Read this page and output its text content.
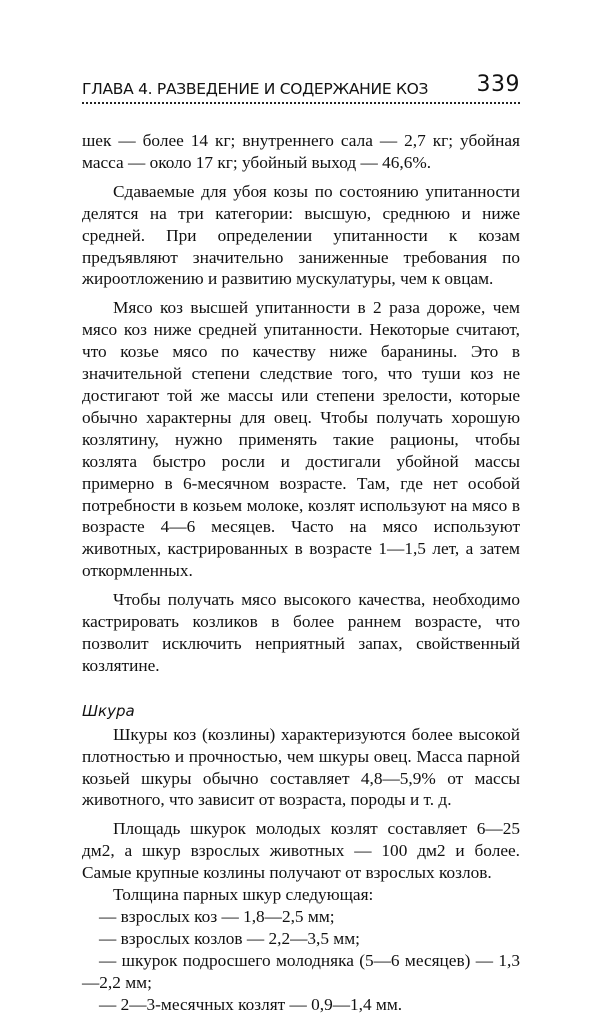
ГЛАВА 4. РАЗВЕДЕНИЕ И СОДЕРЖАНИЕ КОЗ 339

шек — более 14 кг; внутреннего сала — 2,7 кг; убойная масса — около 17 кг; убойный выход — 46,6%.

Сдаваемые для убоя козы по состоянию упитанности делятся на три категории: высшую, среднюю и ниже средней. При определении упитанности к козам предъявляют значительно заниженные требования по жироотложению и развитию мускулатуры, чем к овцам.

Мясо коз высшей упитанности в 2 раза дороже, чем мясо коз ниже средней упитанности. Некоторые считают, что козье мясо по качеству ниже баранины. Это в значительной степени следствие того, что туши коз не достигают той же массы или степени зрелости, которые обычно характерны для овец. Чтобы получать хорошую козлятину, нужно применять такие рационы, чтобы козлята быстро росли и достигали убойной массы примерно в 6-месячном возрасте. Там, где нет особой потребности в козьем молоке, козлят используют на мясо в возрасте 4—6 месяцев. Часто на мясо используют животных, кастрированных в возрасте 1—1,5 лет, а затем откормленных.

Чтобы получать мясо высокого качества, необходимо кастрировать козликов в более раннем возрасте, что позволит исключить неприятный запах, свойственный козлятине.

Шкура

Шкуры коз (козлины) характеризуются более высокой плотностью и прочностью, чем шкуры овец. Масса парной козьей шкуры обычно составляет 4,8—5,9% от массы животного, что зависит от возраста, породы и т. д.

Площадь шкурок молодых козлят составляет 6—25 дм2, а шкур взрослых животных — 100 дм2 и более. Самые крупные козлины получают от взрослых козлов.

Толщина парных шкур следующая:

— взрослых коз — 1,8—2,5 мм;

— взрослых козлов — 2,2—3,5 мм;

— шкурок подросшего молодняка (5—6 месяцев) — 1,3—2,2 мм;

— 2—3-месячных козлят — 0,9—1,4 мм.
